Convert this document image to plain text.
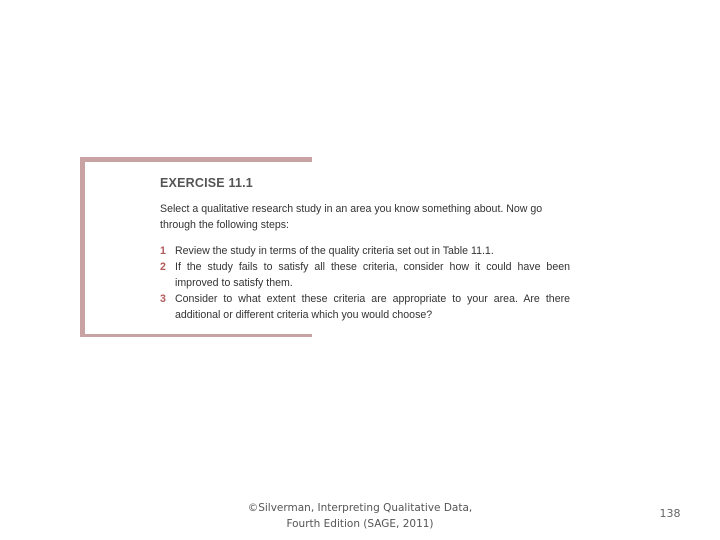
EXERCISE 11.1

Select a qualitative research study in an area you know something about. Now go through the following steps:

1 Review the study in terms of the quality criteria set out in Table 11.1.
2 If the study fails to satisfy all these criteria, consider how it could have been improved to satisfy them.
3 Consider to what extent these criteria are appropriate to your area. Are there additional or different criteria which you would choose?
©Silverman, Interpreting Qualitative Data,
Fourth Edition (SAGE, 2011)
138
